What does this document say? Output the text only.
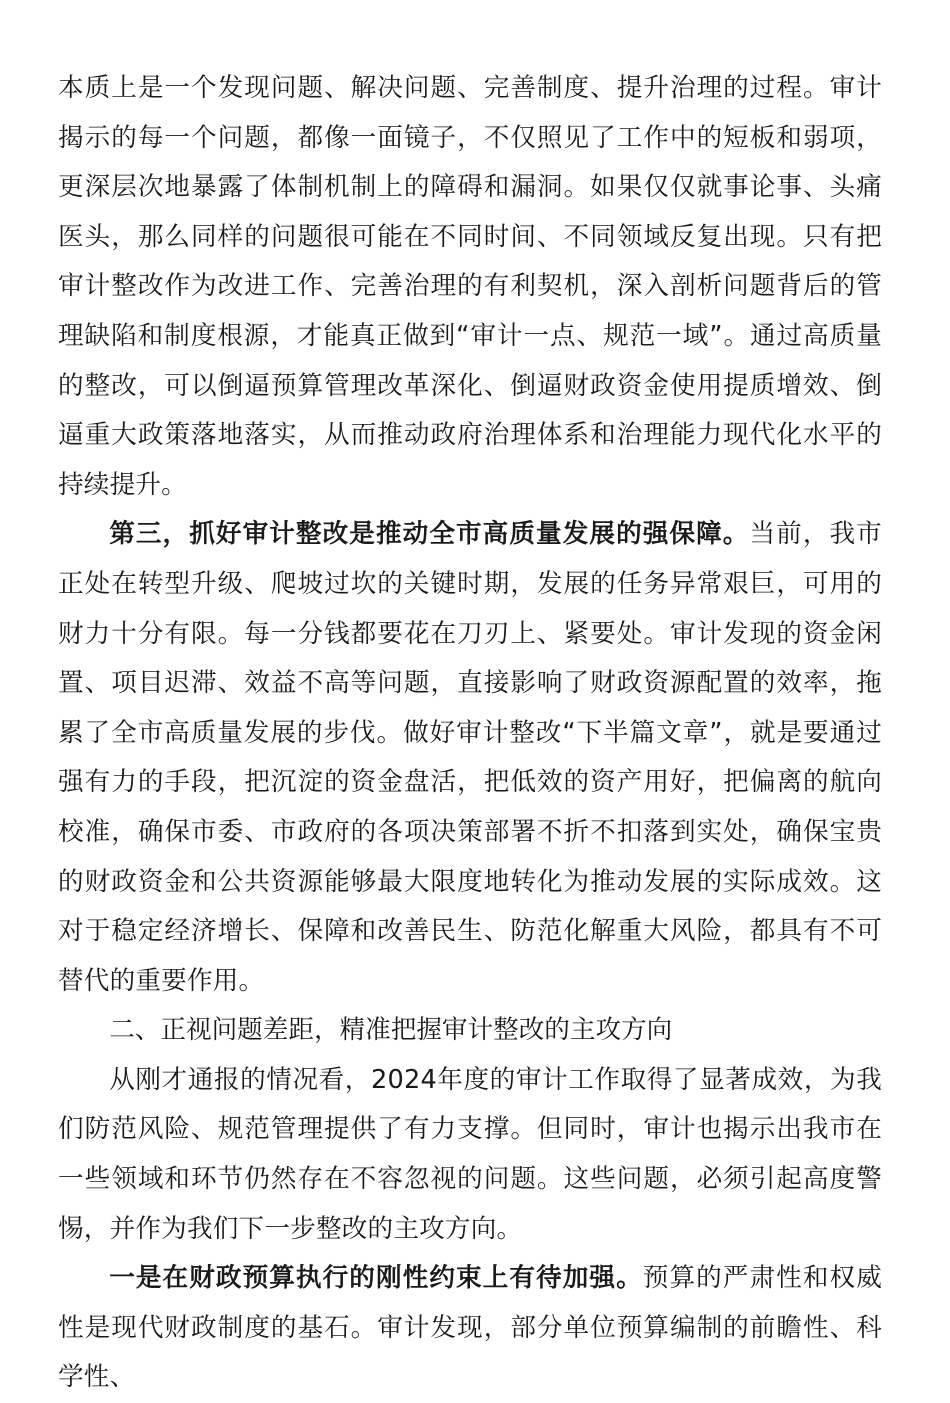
本质上是一个发现问题、解决问题、完善制度、提升治理的过程。审计揭示的每一个问题，都像一面镜子，不仅照见了工作中的短板和弱项，更深层次地暴露了体制机制上的障碍和漏洞。如果仅仅就事论事、头痛医头，那么同样的问题很可能在不同时间、不同领域反复出现。只有把审计整改作为改进工作、完善治理的有利契机，深入剖析问题背后的管理缺陷和制度根源，才能真正做到“审计一点、规范一域”。通过高质量的整改，可以倒逼预算管理改革深化、倒逼财政资金使用提质增效、倒逼重大政策落地落实，从而推动政府治理体系和治理能力现代化水平的持续提升。

第三，抓好审计整改是推动全市高质量发展的强保障。当前，我市正处在转型升级、爬坡过坎的关键时期，发展的任务异常艰巨，可用的财力十分有限。每一分钱都要花在刀刃上、紧要处。审计发现的资金闲置、项目迟滞、效益不高等问题，直接影响了财政资源配置的效率，拖累了全市高质量发展的步伐。做好审计整改“下半篇文章”，就是要通过强有力的手段，把沉淀的资金盘活，把低效的资产用好，把偏离的航向校准，确保市委、市政府的各项决策部署不折不扣落到实处，确保宝贵的财政资金和公共资源能够最大限度地转化为推动发展的实际成效。这对于稳定经济增长、保障和改善民生、防范化解重大风险，都具有不可替代的重要作用。

二、正视问题差距，精准把握审计整改的主攻方向

从刚才通报的情况看，2024年度的审计工作取得了显著成效，为我们防范风险、规范管理提供了有力支撑。但同时，审计也揭示出我市在一些领域和环节仍然存在不容忽视的问题。这些问题，必须引起高度警惕，并作为我们下一步整改的主攻方向。

一是在财政预算执行的刚性约束上有待加强。预算的严肃性和权威性是现代财政制度的基石。审计发现，部分单位预算编制的前瞻性、科学性、
